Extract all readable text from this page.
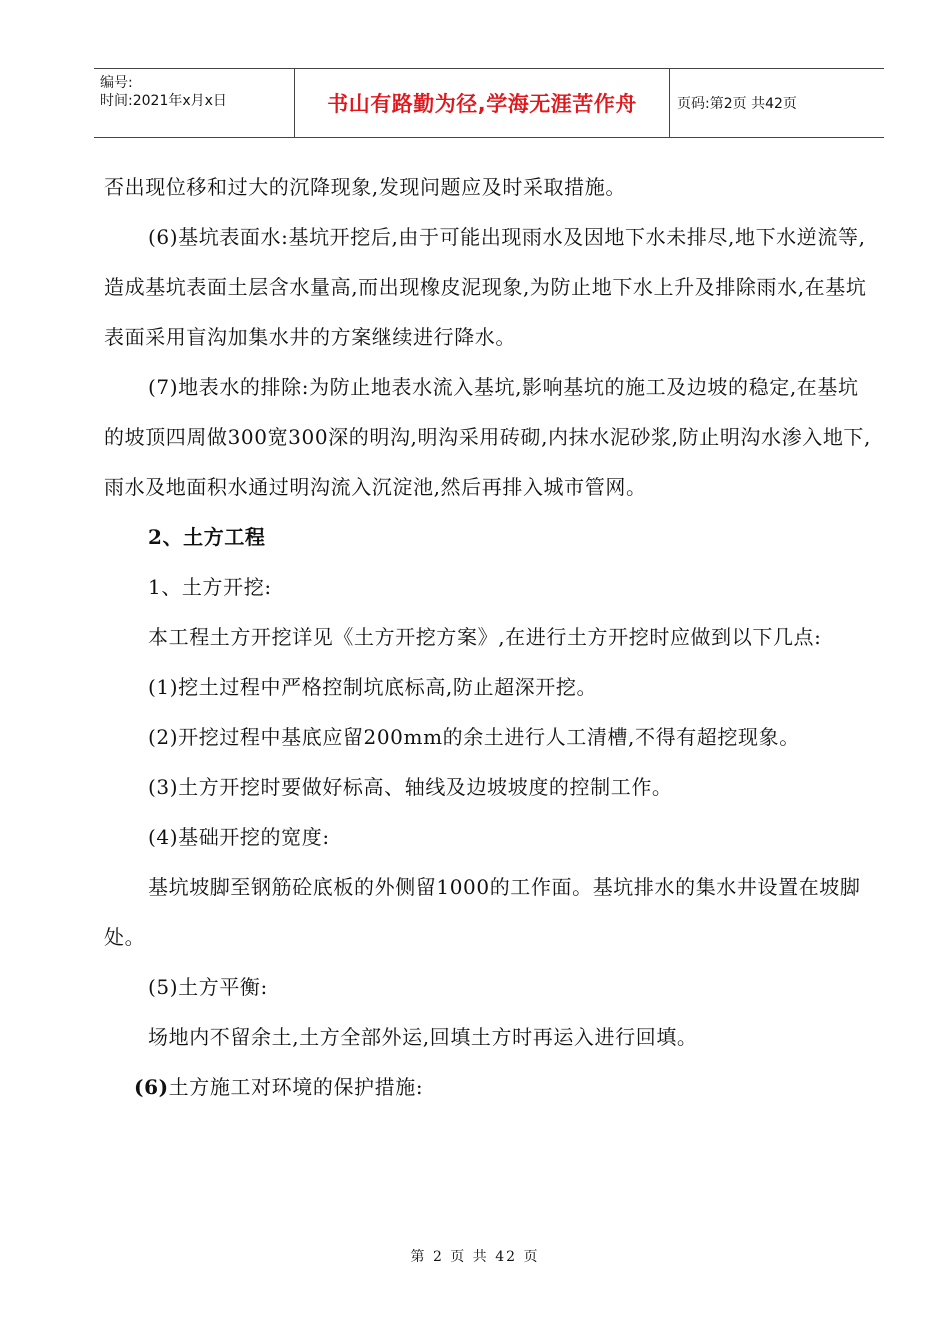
编号:
时间:2021年x月x日	书山有路勤为径,学海无涯苦作舟	页码:第2页 共42页

否出现位移和过大的沉降现象,发现问题应及时采取措施。

(6)基坑表面水:基坑开挖后,由于可能出现雨水及因地下水未排尽,地下水逆流等,造成基坑表面土层含水量高,而出现橡皮泥现象,为防止地下水上升及排除雨水,在基坑表面采用盲沟加集水井的方案继续进行降水。

(7)地表水的排除:为防止地表水流入基坑,影响基坑的施工及边坡的稳定,在基坑的坡顶四周做300宽300深的明沟,明沟采用砖砌,内抹水泥砂浆,防止明沟水渗入地下,雨水及地面积水通过明沟流入沉淀池,然后再排入城市管网。

2、土方工程

1、土方开挖:

本工程土方开挖详见《土方开挖方案》,在进行土方开挖时应做到以下几点:

(1)挖土过程中严格控制坑底标高,防止超深开挖。

(2)开挖过程中基底应留200mm的余土进行人工清槽,不得有超挖现象。

(3)土方开挖时要做好标高、轴线及边坡坡度的控制工作。

(4)基础开挖的宽度:

基坑坡脚至钢筋砼底板的外侧留1000的工作面。基坑排水的集水井设置在坡脚处。

(5)土方平衡:

场地内不留余土,土方全部外运,回填土方时再运入进行回填。

(6)土方施工对环境的保护措施:

第 2 页 共 42 页
